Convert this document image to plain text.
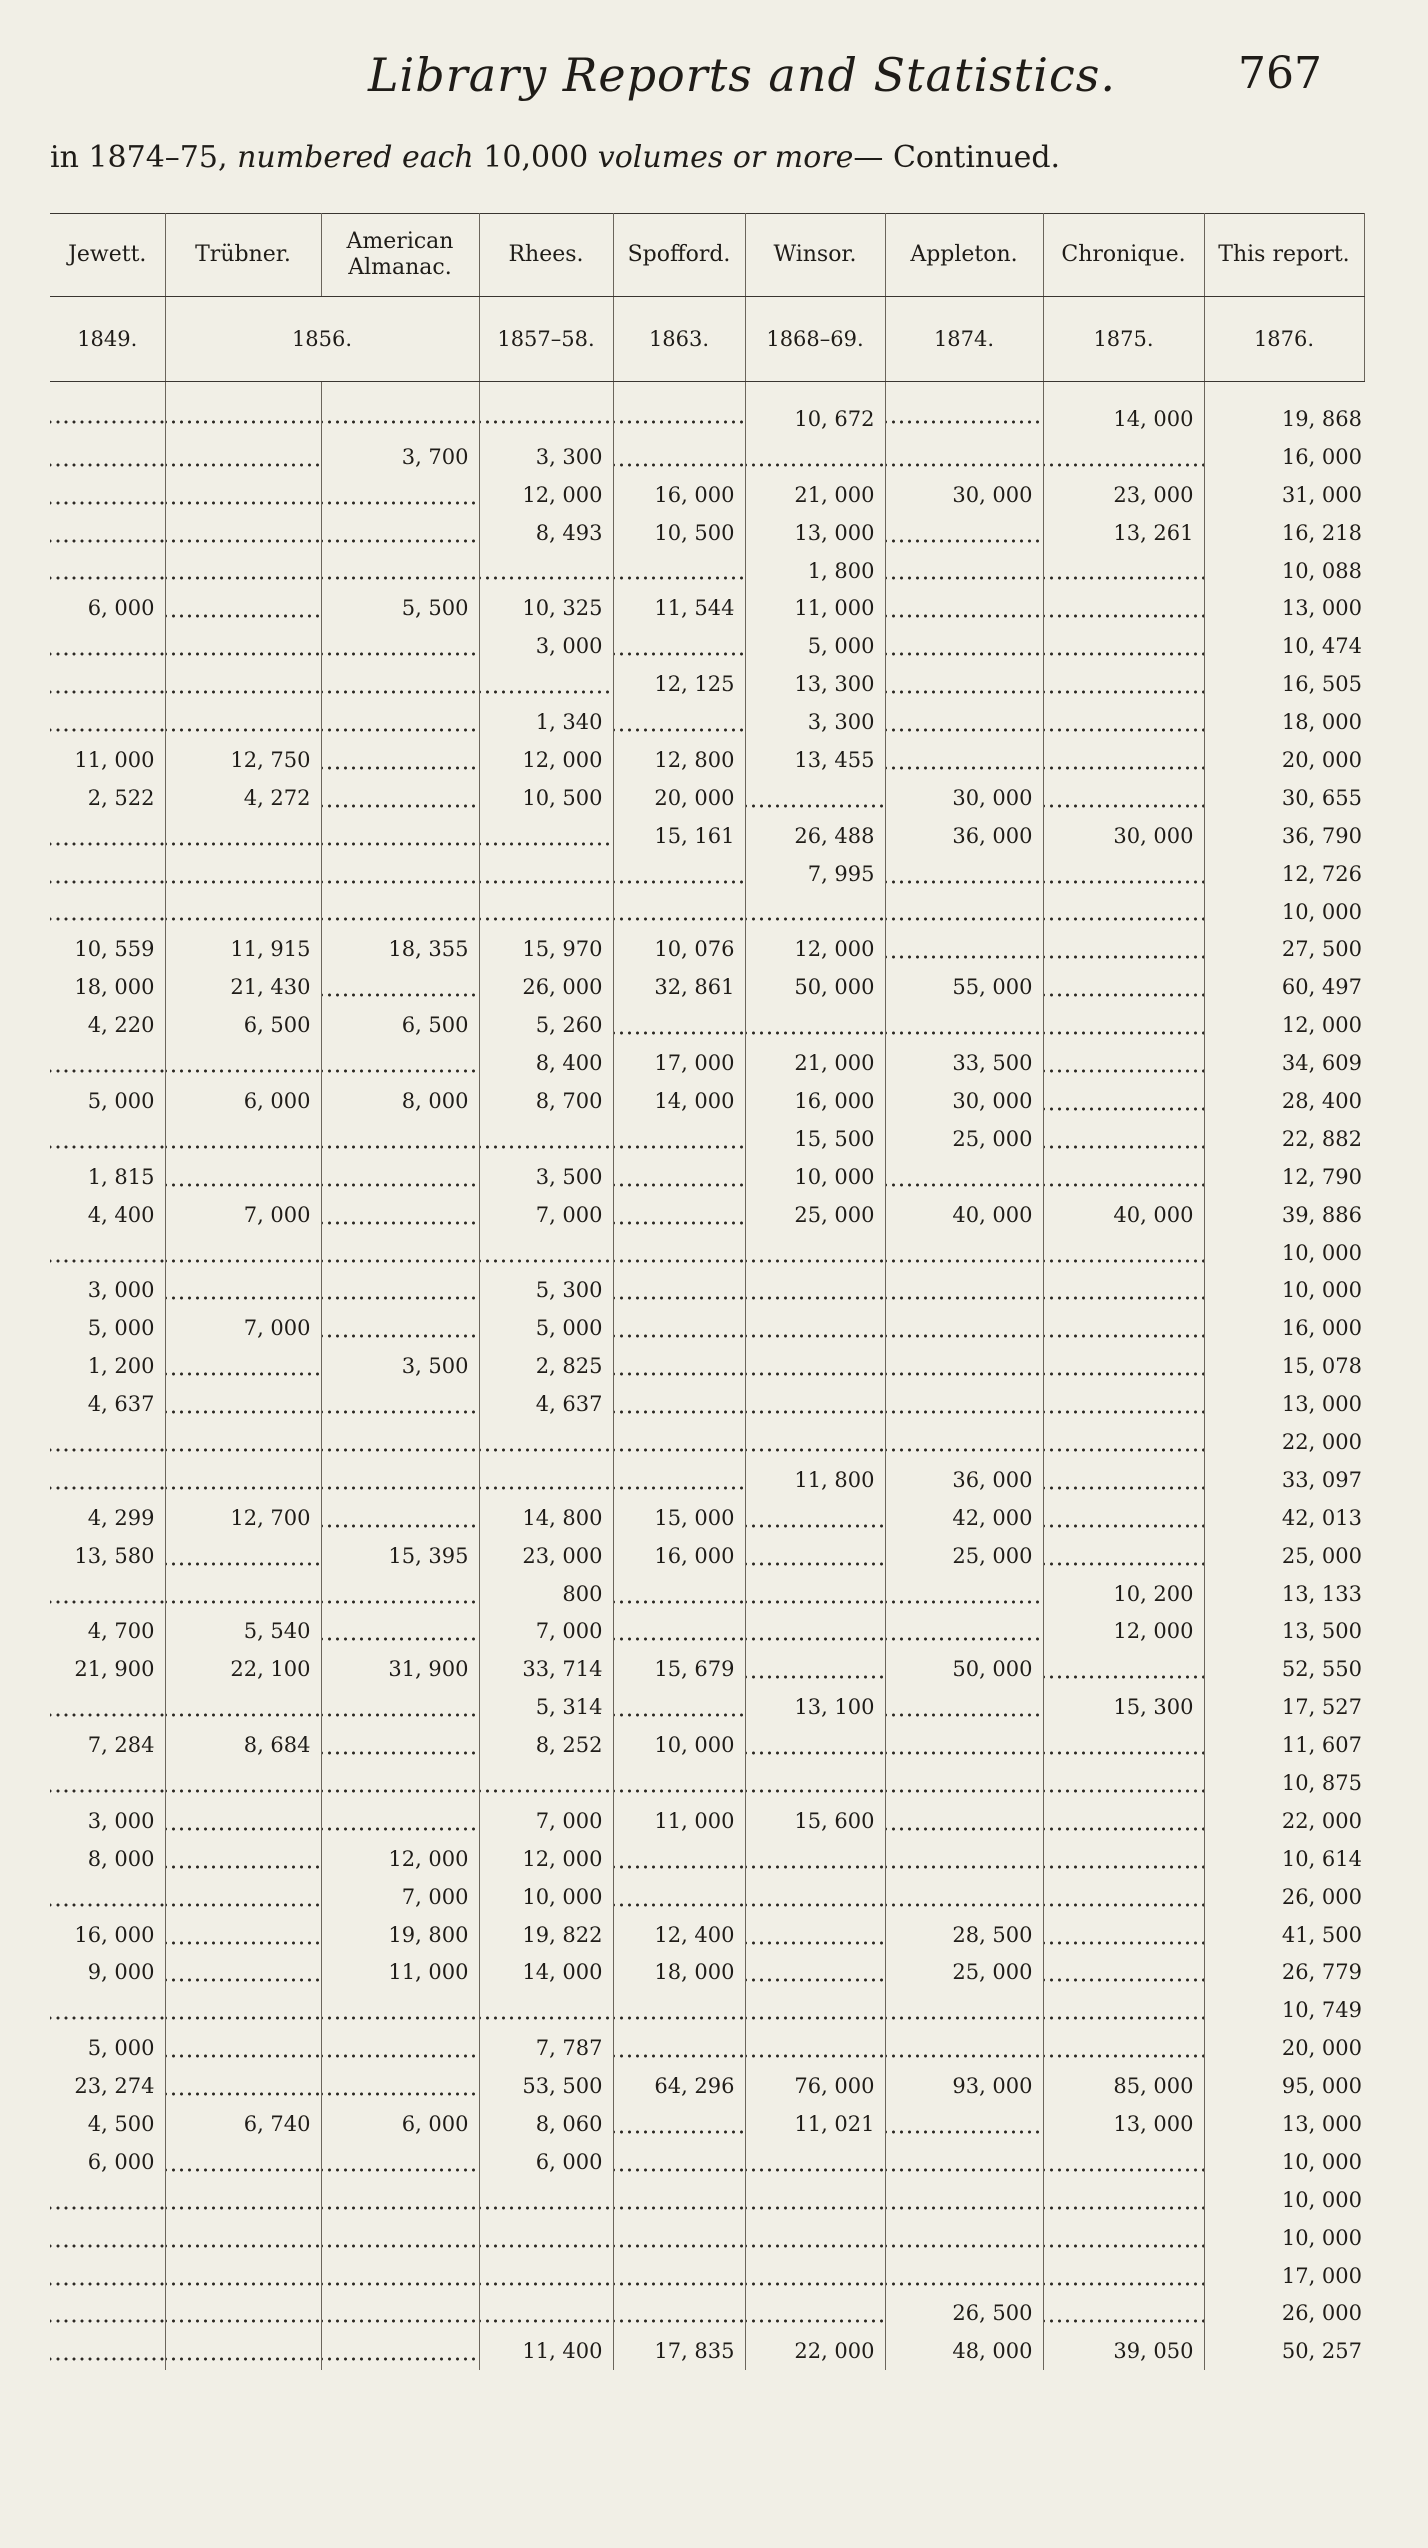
Library Reports and Statistics.	767
in 1874–75, numbered each 10,000 volumes or more— Continued.
Jewett.	Trübner.	American Almanac.	Rhees.	Spofford.	Winsor.	Appleton.	Chronique.	This report.
1849.	1856.		1857–58.	1863.	1868–69.	1874.	1875.	1876.
					10, 672		14, 000	19, 868
		3, 700	3, 300					16, 000
			12, 000	16, 000	21, 000	30, 000	23, 000	31, 000
			8, 493	10, 500	13, 000		13, 261	16, 218
					1, 800			10, 088
6, 000		5, 500	10, 325	11, 544	11, 000			13, 000
			3, 000		5, 000			10, 474
				12, 125	13, 300			16, 505
			1, 340		3, 300			18, 000
11, 000	12, 750		12, 000	12, 800	13, 455			20, 000
2, 522	4, 272		10, 500	20, 000		30, 000		30, 655
				15, 161	26, 488	36, 000	30, 000	36, 790
					7, 995			12, 726
								10, 000
10, 559	11, 915	18, 355	15, 970	10, 076	12, 000			27, 500
18, 000	21, 430		26, 000	32, 861	50, 000	55, 000		60, 497
4, 220	6, 500	6, 500	5, 260					12, 000
			8, 400	17, 000	21, 000	33, 500		34, 609
5, 000	6, 000	8, 000	8, 700	14, 000	16, 000	30, 000		28, 400
					15, 500	25, 000		22, 882
1, 815			3, 500		10, 000			12, 790
4, 400	7, 000		7, 000		25, 000	40, 000	40, 000	39, 886
								10, 000
3, 000			5, 300					10, 000
5, 000	7, 000		5, 000					16, 000
1, 200		3, 500	2, 825					15, 078
4, 637			4, 637					13, 000
								22, 000
					11, 800	36, 000		33, 097
4, 299	12, 700		14, 800	15, 000		42, 000		42, 013
13, 580		15, 395	23, 000	16, 000		25, 000		25, 000
			800				10, 200	13, 133
4, 700	5, 540		7, 000				12, 000	13, 500
21, 900	22, 100	31, 900	33, 714	15, 679		50, 000		52, 550
			5, 314		13, 100		15, 300	17, 527
7, 284	8, 684		8, 252	10, 000				11, 607
								10, 875
3, 000			7, 000	11, 000	15, 600			22, 000
8, 000		12, 000	12, 000					10, 614
		7, 000	10, 000					26, 000
16, 000		19, 800	19, 822	12, 400		28, 500		41, 500
9, 000		11, 000	14, 000	18, 000		25, 000		26, 779
								10, 749
5, 000			7, 787					20, 000
23, 274			53, 500	64, 296	76, 000	93, 000	85, 000	95, 000
4, 500	6, 740	6, 000	8, 060		11, 021		13, 000	13, 000
6, 000			6, 000					10, 000
								10, 000
								10, 000
								17, 000
						26, 500		26, 000
			11, 400	17, 835	22, 000	48, 000	39, 050	50, 257
